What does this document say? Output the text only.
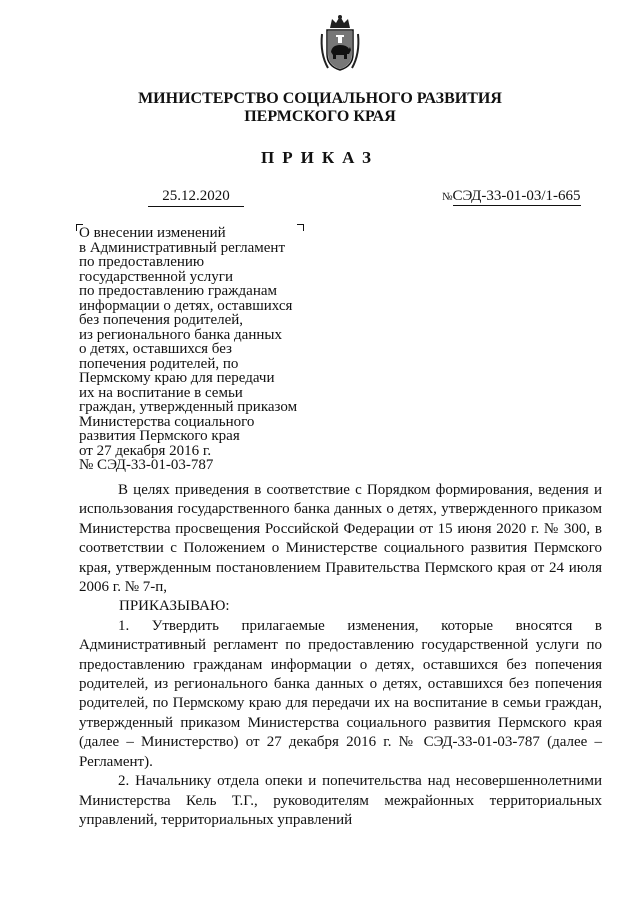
МИНИСТЕРСТВО СОЦИАЛЬНОГО РАЗВИТИЯ
ПЕРМСКОГО КРАЯ
ПРИКАЗ
25.12.2020	№СЭД-33-01-03/1-665
О внесении изменений
в Административный регламент
по предоставлению
государственной услуги
по предоставлению гражданам
информации о детях, оставшихся
без попечения родителей,
из регионального банка данных
о детях, оставшихся без
попечения родителей, по
Пермскому краю для передачи
их на воспитание в семьи
граждан, утвержденный приказом
Министерства социального
развития Пермского края
от 27 декабря 2016 г.
№ СЭД-33-01-03-787

В целях приведения в соответствие с Порядком формирования, ведения и использования государственного банка данных о детях, утвержденного приказом Министерства просвещения Российской Федерации от 15 июня 2020 г. № 300, в соответствии с Положением о Министерстве социального развития Пермского края, утвержденным постановлением Правительства Пермского края от 24 июля 2006 г. № 7-п,

ПРИКАЗЫВАЮ:

1. Утвердить прилагаемые изменения, которые вносятся в Административный регламент по предоставлению государственной услуги по предоставлению гражданам информации о детях, оставшихся без попечения родителей, из регионального банка данных о детях, оставшихся без попечения родителей, по Пермскому краю для передачи их на воспитание в семьи граждан, утвержденный приказом Министерства социального развития Пермского края (далее – Министерство) от 27 декабря 2016 г. № СЭД-33-01-03-787 (далее – Регламент).

2. Начальнику отдела опеки и попечительства над несовершеннолетними Министерства Кель Т.Г., руководителям межрайонных территориальных управлений, территориальных управлений
